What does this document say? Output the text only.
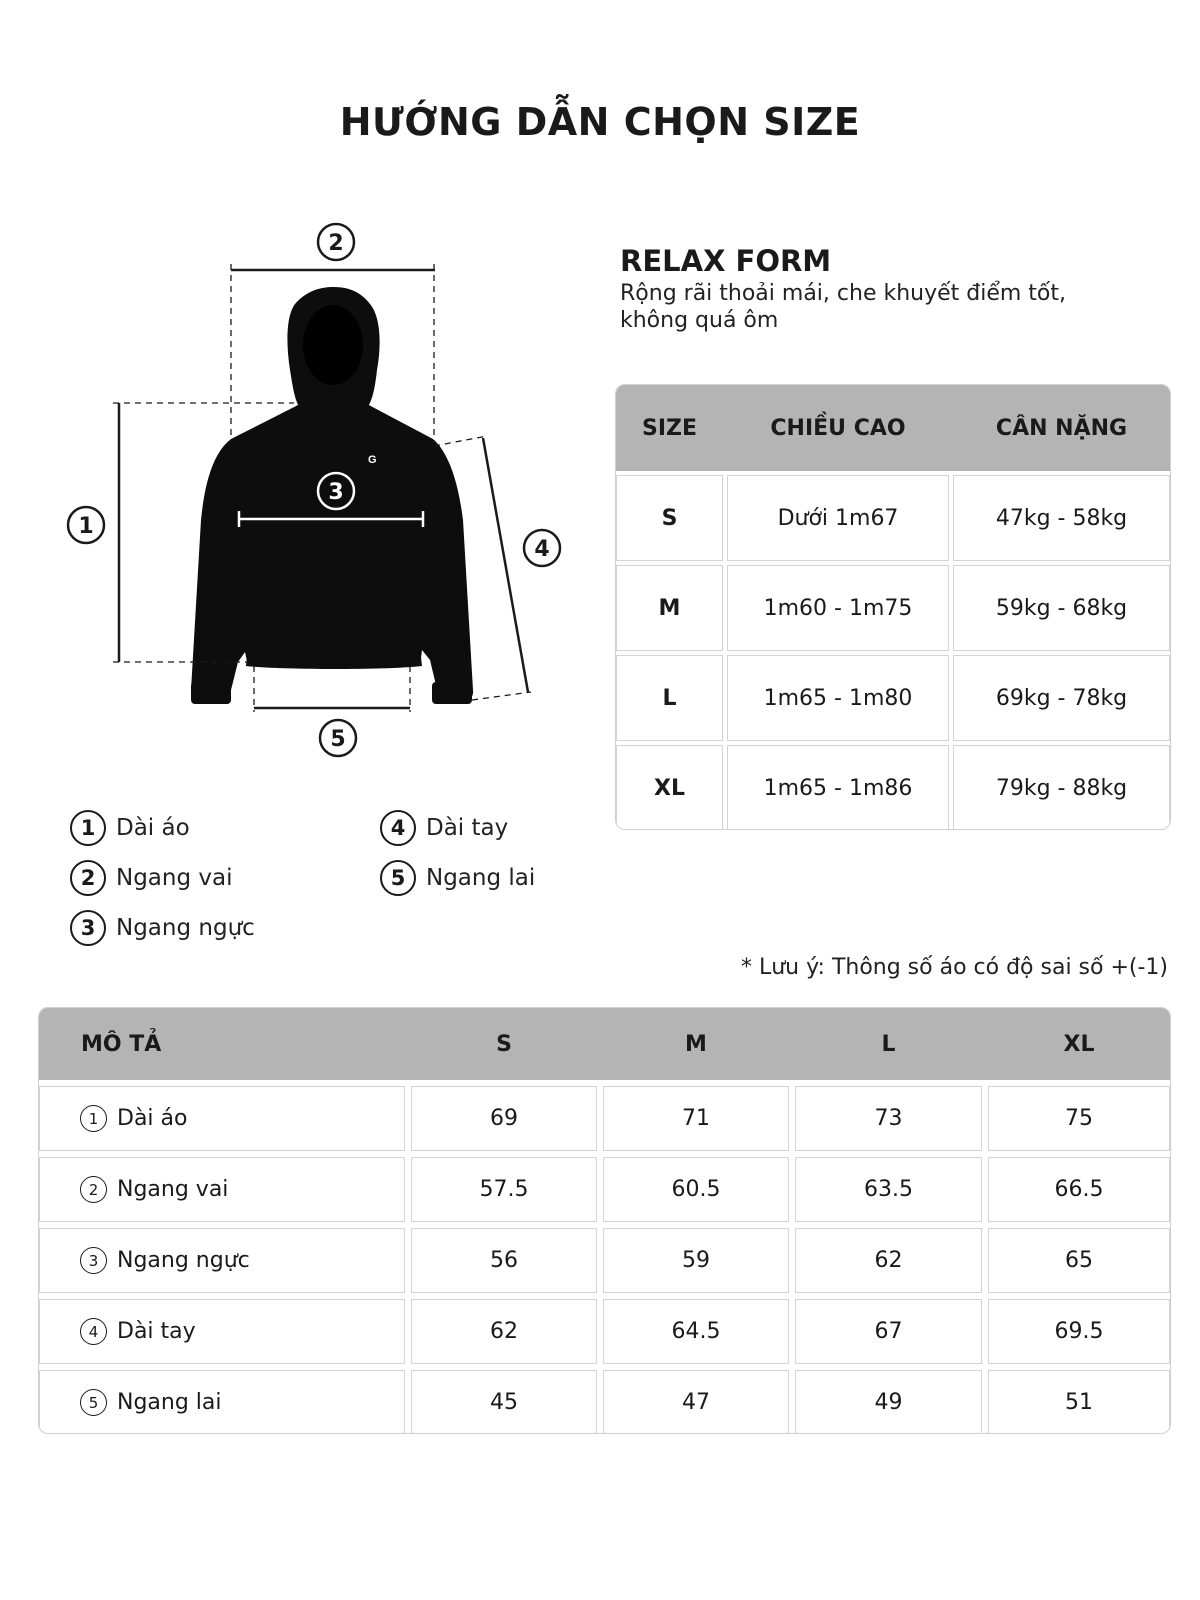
HƯỚNG DẪN CHỌN SIZE
G
2
1
3
4
5
RELAX FORM
Rộng rãi thoải mái, che khuyết điểm tốt, không quá ôm
SIZE	CHIỀU CAO	CÂN NẶNG
S	Dưới 1m67	47kg - 58kg
M	1m60 - 1m75	59kg - 68kg
L	1m65 - 1m80	69kg - 78kg
XL	1m65 - 1m86	79kg - 88kg
1 Dài áo
2 Ngang vai
3 Ngang ngực
4 Dài tay
5 Ngang lai
* Lưu ý: Thông số áo có độ sai số +(-1)
MÔ TẢ	S	M	L	XL
1 Dài áo	69	71	73	75
2 Ngang vai	57.5	60.5	63.5	66.5
3 Ngang ngực	56	59	62	65
4 Dài tay	62	64.5	67	69.5
5 Ngang lai	45	47	49	51
